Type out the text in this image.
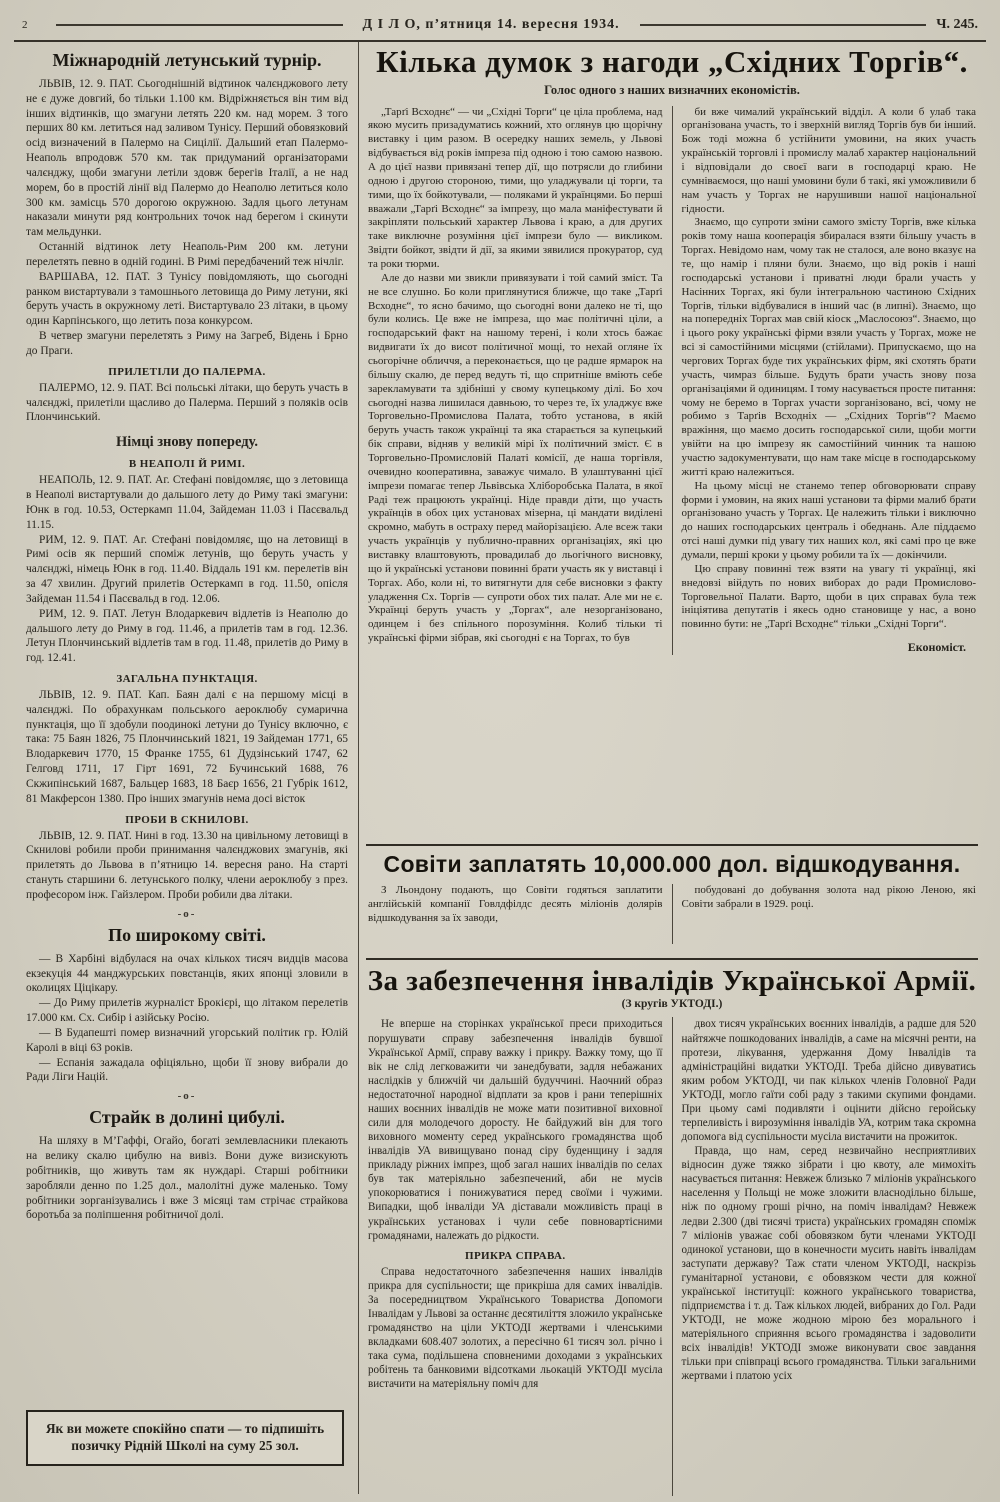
2	Д І Л О, п’ятниця 14. вересня 1934.	Ч. 245.
Міжнародній летунський турнір.

ЛЬВІВ, 12. 9. ПАТ. Сьогоднішній відтинок чалєнджового лету не є дуже довгий, бо тільки 1.100 км. Відріжняється він тим від інших відтинків, що змагуни летять 220 км. над морем. З того перших 80 км. летиться над заливом Тунісу. Перший обовязковий осід визначений в Палермо на Сицілії. Дальший етап Палермо-Неаполь впродовж 570 км. так придуманий організаторами чалєнджу, щоби змагуни летіли здовж берегів Італії, а не над морем, бо в простій лінії від Палермо до Неаполю летиться коло 300 км. замісць 570 дорогою окружною. Задля цього летунам наказали минути ряд контрольних точок над берегом і скинути там мельдунки.

Останній відтинок лету Неаполь-Рим 200 км. летуни перелетять певно в одній годині. В Римі передбачений теж нічліг.

ВАРШАВА, 12. ПАТ. З Тунісу повідомляють, що сьогодні ранком вистартували з тамошнього летовища до Риму летуни, які беруть участь в окружному леті. Вистартувало 23 літаки, в цьому один Карпінського, що летить поза конкурсом.

В четвер змагуни перелетять з Риму на Загреб, Відень і Брно до Праги.

ПРИЛЕТІЛИ ДО ПАЛЕРМА.

ПАЛЕРМО, 12. 9. ПАТ. Всі польські літаки, що беруть участь в чалєнджі, прилетіли щасливо до Палерма. Перший з поляків осів Плончинський.

Німці знову попереду.
В НЕАПОЛІ Й РИМІ.

НЕАПОЛЬ, 12. 9. ПАТ. Аг. Стефані повідомляє, що з летовища в Неаполі вистартували до дальшого лету до Риму такі змагуни: Юнк в год. 10.53, Остеркамп 11.04, Зайдеман 11.03 і Пасєвальд 11.15.

РИМ, 12. 9. ПАТ. Аг. Стефані повідомляє, що на летовищі в Римі осів як перший споміж летунів, що беруть участь у чалєнджі, німець Юнк в год. 11.40. Віддаль 191 км. перелетів він за 47 хвилин. Другий прилетів Остеркамп в год. 11.50, опісля Зайдеман 11.54 і Пасєвальд в год. 12.06.

РИМ, 12. 9. ПАТ. Летун Влодаркевич відлетів із Неаполю до дальшого лету до Риму в год. 11.46, а прилетів там в год. 12.36. Летун Плончинський відлетів там в год. 11.48, прилетів до Риму в год. 12.41.

ЗАГАЛЬНА ПУНКТАЦІЯ.

ЛЬВІВ, 12. 9. ПАТ. Кап. Баян далі є на першому місці в чалєнджі. По обрахункам польського аероклюбу сумарична пунктація, що її здобули поодинокі летуни до Тунісу включно, є така: 75 Баян 1826, 75 Плончинський 1821, 19 Зайдеман 1771, 65 Влодаркевич 1770, 15 Франке 1755, 61 Дудзінський 1747, 62 Гелговд 1711, 17 Гірт 1691, 72 Бучинський 1688, 76 Скжипінський 1687, Бальцер 1683, 18 Баєр 1656, 21 Губрік 1612, 81 Макферсон 1380. Про інших змагунів нема досі вісток

ПРОБИ В СКНИЛОВІ.

ЛЬВІВ, 12. 9. ПАТ. Нині в год. 13.30 на цивільному летовищі в Скнилові робили проби принимання чалєнджових змагунів, які прилетять до Львова в п’ятницю 14. вересня рано. На старті стануть старшини 6. летунського полку, члени аероклюбу з през. професором інж. Гайзлером. Проби робили два літаки.

-о-
По широкому світі.

— В Харбіні відбулася на очах кількох тисяч видців масова екзекуція 44 манджурських повстанців, яких японці зловили в околицях Ціцікару.

— До Риму прилетів журналіст Брокієрі, що літаком перелетів 17.000 км. Сх. Сибір і азійську Росію.

— В Будапешті помер визначний угорський політик гр. Юлій Каролі в віці 63 років.

— Еспанія зажадала офіціяльно, щоби її знову вибрали до Ради Ліги Націй.

-о-
Страйк в долині цибулі.

На шляху в М’Гаффі, Огайо, богаті землевласники плекають на велику скалю цибулю на вивіз. Вони дуже визискують робітників, що живуть там як нуждарі. Старші робітники заробляли денно по 1.25 дол., малолітні дуже маленько. Тому робітники зорганізувались і вже 3 місяці там стрічає страйкова боротьба за поліпшення робітничої долі.

Як ви можете спокійно спати — то підпишіть позичку Рідній Школі на суму 25 зол.
Кілька думок з нагоди „Східних Торгів“.
Голос одного з наших визначних економістів.

„Тарґі Всходнє“ — чи „Східні Торги“ це ціла проблема, над якою мусить призадуматись кожний, хто оглянув цю щорічну виставку і цим разом. В осередку наших земель, у Львові відбувається від років імпреза під одною і тою самою назвою. А до цієї назви привязані тепер дії, що потрясли до глибини одною і другою стороною, тими, що уладжували ці торги, та тими, що їх бойкотували, — поляками й українцями. Бо перші вважали „Тарґі Всходнє“ за імпрезу, що мала маніфестувати й закріпляти польський характер Львова і краю, а для других таке виключне розуміння цієї імпрези було — викликом. Звідти бойкот, звідти й дії, за якими зявилися прокуратор, суд та роки тюрми.

Але до назви ми звикли привязувати і той самий зміст. Та не все слушно. Бо коли приглянутися ближче, що таке „Тарґі Всходнє“, то ясно бачимо, що сьогодні вони далеко не ті, що були колись. Це вже не імпреза, що має політичні ціли, а господарський факт на нашому терені, і коли хтось бажає видвигати їх до висот політичної мощі, то нехай огляне їх сьогорічне обличчя, а переконається, що це радше ярмарок на більшу скалю, де перед ведуть ті, що спритніше вміють себе зарекламувати та здібніші у свому купецькому ділі. Бо хоч сьогодні назва лишилася давньою, то через те, їх уладжує вже Торговельно-Промислова Палата, тобто установа, в якій беруть участь також українці та яка старається за купецький бік справи, відняв у великій мірі їх політичний зміст. Є в Торговельно-Промисловій Палаті комісії, де наша торгівля, очевидно кооперативна, заважує чимало. В улаштуванні цієї імпрези помагає тепер Львівська Хліборобська Палата, в якої Раді теж працюють українці. Ніде правди діти, що участь українців в обох цих установах мізерна, ці мандати виділені скромно, мабуть в остраху перед майорізацією. Але всеж таки участь українців у публично-правних організаціях, які цю виставку влаштовують, провадилаб до льогічного висновку, що й українські установи повинні брати участь як у виставці і Торгах. Або, коли ні, то витягнути для себе висновки з факту уладження Сх. Торгів — супроти обох тих палат. Але ми не є. Українці беруть участь у „Торгах“, але незорганізовано, одинцем і без спільного порозуміння. Колиб тільки ті українські фірми зібрав, які сьогодні є на Торгах, то був

би вже чималий український відділ. А коли б улаб така організована участь, то і зверхній вигляд Торгів був би інший. Бож тоді можна б устійнити умовини, на яких участь українській торговлі і промислу малаб характер національний і відповідали до своєї ваги в господарці краю. Не сумніваємося, що наші умовини були б такі, які уможливили б нам участь у Торгах не нарушивши нашої національної гідности.

Знаємо, що супроти зміни самого змісту Торгів, вже кілька років тому наша кооперація збиралася взяти більшу участь в Торгах. Невідомо нам, чому так не сталося, але воно вказує на те, що намір і пляни були. Знаємо, що від років і наші господарські установи і приватні люди брали участь у Насінних Торгах, які були інтегральною частиною Східних Торгів, тільки відбувалися в інший час (в липні). Знаємо, що на попередніх Торгах мав свій кіоск „Маслосоюз“. Знаємо, що і цього року українські фірми взяли участь у Торгах, може не всі зі самостійними місцями (стійлами). Припускаємо, що на чергових Торгах буде тих українських фірм, які схотять брати участь, чимраз більше. Будуть брати участь знову поза організаціями й одиницям. І тому насувається просте питання: чому не беремо в Торгах участи зорганізовано, всі, чому не робимо з Тарґів Всходніх — „Східних Торгів“? Маємо вражіння, що маємо досить господарської сили, щоби могти увійти на цю імпрезу як самостійний чинник та нашою участю задокументувати, що нам таке місце в господарському житті краю належиться.

На цьому місці не станемо тепер обговорювати справу форми і умовин, на яких наші установи та фірми малиб брати організовано участь у Торгах. Це належить тільки і виключно до наших господарських централь і обеднань. Але піддаємо отсі наші думки під увагу тих наших кол, які самі про це вже думали, перші кроки у цьому робили та їх — докінчили.

Цю справу повинні теж взяти на увагу ті українці, які внедовзі війдуть по нових виборах до ради Промислово-Торговельної Палати. Варто, щоби в цих справах була теж ініціятива депутатів і якесь одно становище у нас, а воно повинно бути: не „Тарґі Всходнє“ тільки „Східні Торги“.

Економіст.
Совіти заплатять 10,000.000 дол. відшкодування.

З Льондону подають, що Совіти годяться заплатити англійській компанії Говлдфілдс десять міліонів долярів відшкодування за їх заводи,

побудовані до добування золота над рікою Леною, які Совіти забрали в 1929. році.

За забезпечення інвалідів Української Армії.
(З кругів УКТОДІ.)

Не вперше на сторінках української преси приходиться порушувати справу забезпечення інвалідів бувшої Української Армії, справу важку і прикру. Важку тому, що її вік не слід легковажити чи занедбувати, задля небажаних наслідків у ближчій чи дальшій будуччині. Наочний образ недостаточної народної відплати за кров і рани теперішніх наших воєнних інвалідів не може мати позитивної виховної сили для молодечого доросту. Не байдужий він для того виховного моменту серед українського громадянства щоб інвалідів УА вивищувано понад сіру буденщину і задля прикладу ріжних імпрез, щоб загал наших інвалідів по селах був так матеріяльно забезпечений, аби не мусів упокорюватися і понижуватися перед своїми і чужими. Випадки, щоб інваліди УА діставали можливість праці в українських установах і чули себе повновартісними громадянами, належать до рідкости.

ПРИКРА СПРАВА.

Справа недостаточного забезпечення наших інвалідів прикра для суспільности; ще прикріша для самих інвалідів. За посередництвом Українського Товариства Допомоги Інвалідам у Львові за останнє десятиліття зложило українське громадянство на ціли УКТОДІ жертвами і членськими вкладками 608.407 золотих, а пересічно 61 тисяч зол. річно і така сума, подільшена сповненими доходами з українських робітень та банковими відсотками льокацій УКТОДІ мусіла вистачити на матеріяльну поміч для

двох тисяч українських воєнних інвалідів, а радше для 520 найтяжче пошкодованих інвалідів, а саме на місячні ренти, на протези, лікування, удержання Дому Інвалідів та адміністраційні видатки УКТОДІ. Треба дійсно дивуватись яким робом УКТОДІ, чи пак кількох членів Головної Ради УКТОДІ, могло гаїти собі раду з такими скупими фондами. При цьому самі подивляти і оцінити дійсно геройську терпеливість і вирозуміння інвалідів УА, котрим така скромна допомога від суспільности мусіла вистачити на прожиток.

Правда, що нам, серед незвичайно несприятливих відносин дуже тяжко зібрати і цю квоту, але мимохіть насувається питання: Невжеж близько 7 міліонів українського населення у Польщі не може зложити власнодільно більше, ніж по одному гроші річно, на поміч інвалідам? Невжеж ледви 2.300 (дві тисячі триста) українських громадян споміж 7 міліонів уважає собі обовязком бути членами УКТОДІ одинокої установи, що в конечности мусить навіть інвалідам заступати державу? Таж стати членом УКТОДІ, наскрізь гуманітарної установи, є обовязком чести для кожної української інституції: кожного українського товариства, підприємства і т. д. Таж кількох людей, вибраних до Гол. Ради УКТОДІ, не може жодною мірою без морального і матеріяльного сприяння всього громадянства і задоволити всіх інвалідів! УКТОДІ зможе виконувати своє завдання тільки при співпраці всього громадянства. Тільки загальними жертвами і платою усіх
